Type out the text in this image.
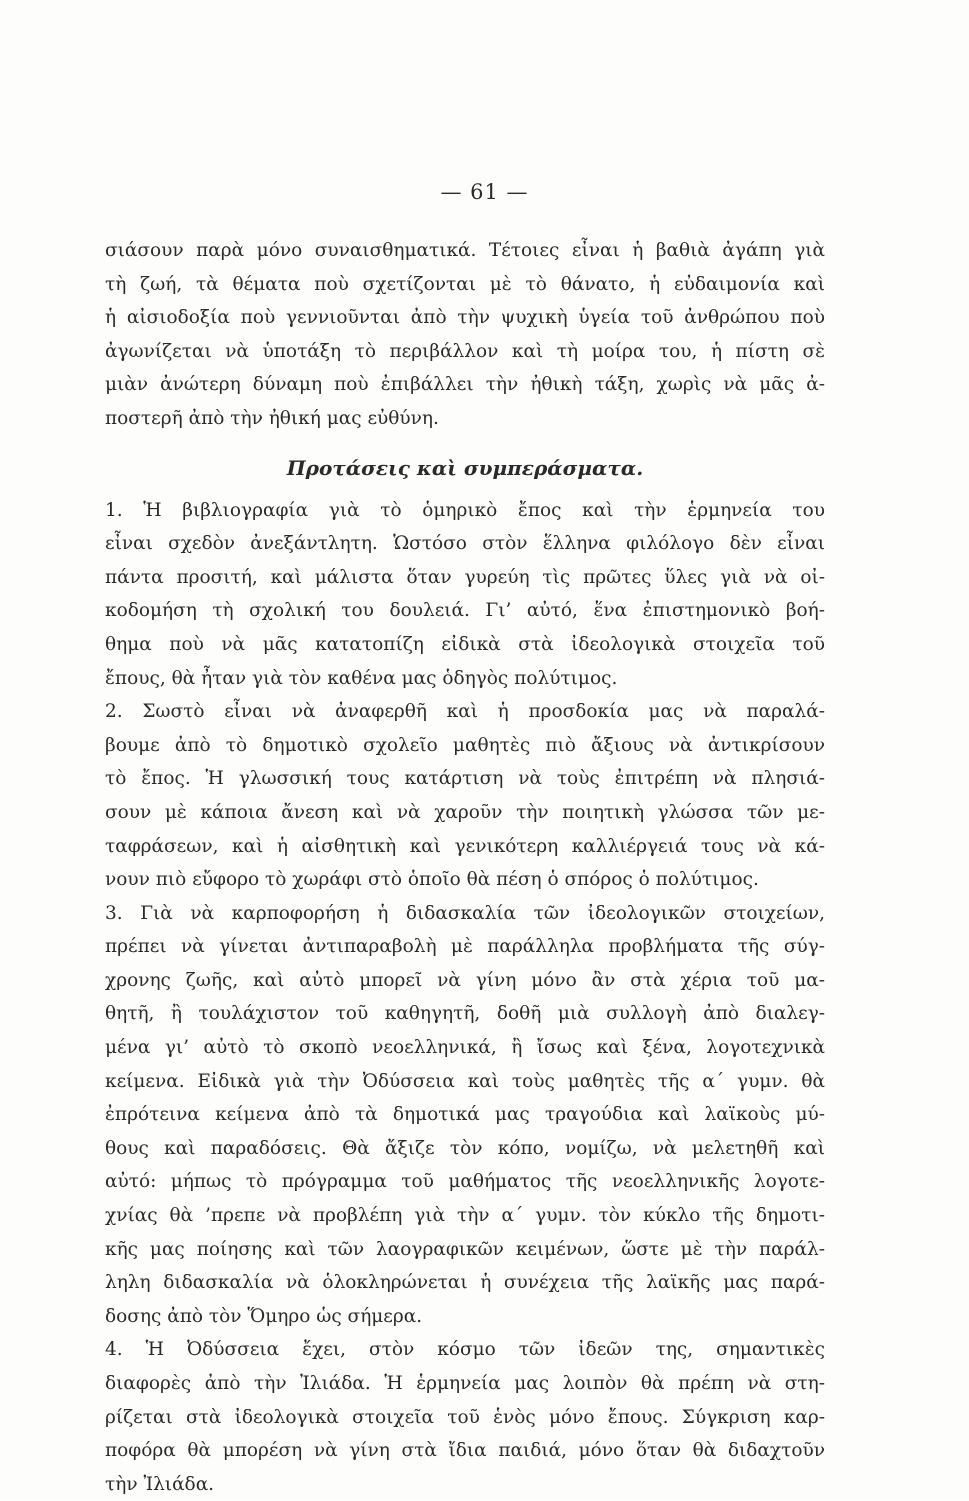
— 61 —

σιάσουν παρὰ μόνο συναισθηματικά. Τέτοιες εἶναι ἡ βαθιὰ ἀγάπη γιὰ
τὴ ζωή, τὰ θέματα ποὺ σχετίζονται μὲ τὸ θάνατο, ἡ εὐδαιμονία καὶ
ἡ αἰσιοδοξία ποὺ γεννιοῦνται ἀπὸ τὴν ψυχικὴ ὑγεία τοῦ ἀνθρώπου ποὺ
ἀγωνίζεται νὰ ὑποτάξη τὸ περιβάλλον καὶ τὴ μοίρα του, ἡ πίστη σὲ
μιὰν ἀνώτερη δύναμη ποὺ ἐπιβάλλει τὴν ἠθικὴ τάξη, χωρὶς νὰ μᾶς ἀ-
ποστερῆ ἀπὸ τὴν ἠθική μας εὐθύνη.
Προτάσεις καὶ συμπεράσματα.
1. Ἡ βιβλιογραφία γιὰ τὸ ὁμηρικὸ ἔπος καὶ τὴν ἑρμηνεία του
εἶναι σχεδὸν ἀνεξάντλητη. Ὡστόσο στὸν ἕλληνα φιλόλογο δὲν εἶναι
πάντα προσιτή, καὶ μάλιστα ὅταν γυρεύη τὶς πρῶτες ὕλες γιὰ νὰ οἰ-
κοδομήση τὴ σχολική του δουλειά. Γι’ αὐτό, ἕνα ἐπιστημονικὸ βοή-
θημα ποὺ νὰ μᾶς κατατοπίζη εἰδικὰ στὰ ἰδεολογικὰ στοιχεῖα τοῦ
ἔπους, θὰ ἦταν γιὰ τὸν καθένα μας ὁδηγὸς πολύτιμος.
2. Σωστὸ εἶναι νὰ ἀναφερθῆ καὶ ἡ προσδοκία μας νὰ παραλά-
βουμε ἀπὸ τὸ δημοτικὸ σχολεῖο μαθητὲς πιὸ ἄξιους νὰ ἀντικρίσουν
τὸ ἔπος. Ἡ γλωσσική τους κατάρτιση νὰ τοὺς ἐπιτρέπη νὰ πλησιά-
σουν μὲ κάποια ἄνεση καὶ νὰ χαροῦν τὴν ποιητικὴ γλώσσα τῶν με-
ταφράσεων, καὶ ἡ αἰσθητικὴ καὶ γενικότερη καλλιέργειά τους νὰ κά-
νουν πιὸ εὔφορο τὸ χωράφι στὸ ὁποῖο θὰ πέση ὁ σπόρος ὁ πολύτιμος.
3. Γιὰ νὰ καρποφορήση ἡ διδασκαλία τῶν ἰδεολογικῶν στοιχείων,
πρέπει νὰ γίνεται ἀντιπαραβολὴ μὲ παράλληλα προβλήματα τῆς σύγ-
χρονης ζωῆς, καὶ αὐτὸ μπορεῖ νὰ γίνη μόνο ἂν στὰ χέρια τοῦ μα-
θητῆ, ἢ τουλάχιστον τοῦ καθηγητῆ, δοθῆ μιὰ συλλογὴ ἀπὸ διαλεγ-
μένα γι’ αὐτὸ τὸ σκοπὸ νεοελληνικά, ἢ ἴσως καὶ ξένα, λογοτεχνικὰ
κείμενα. Εἰδικὰ γιὰ τὴν Ὀδύσσεια καὶ τοὺς μαθητὲς τῆς α΄ γυμν. θὰ
ἐπρότεινα κείμενα ἀπὸ τὰ δημοτικά μας τραγούδια καὶ λαϊκοὺς μύ-
θους καὶ παραδόσεις. Θὰ ἄξιζε τὸν κόπο, νομίζω, νὰ μελετηθῆ καὶ
αὐτό: μήπως τὸ πρόγραμμα τοῦ μαθήματος τῆς νεοελληνικῆς λογοτε-
χνίας θὰ ’πρεπε νὰ προβλέπη γιὰ τὴν α΄ γυμν. τὸν κύκλο τῆς δημοτι-
κῆς μας ποίησης καὶ τῶν λαογραφικῶν κειμένων, ὥστε μὲ τὴν παράλ-
ληλη διδασκαλία νὰ ὁλοκληρώνεται ἡ συνέχεια τῆς λαϊκῆς μας παρά-
δοσης ἀπὸ τὸν Ὅμηρο ὡς σήμερα.
4. Ἡ Ὀδύσσεια ἔχει, στὸν κόσμο τῶν ἰδεῶν της, σημαντικὲς
διαφορὲς ἀπὸ τὴν Ἰλιάδα. Ἡ ἑρμηνεία μας λοιπὸν θὰ πρέπη νὰ στη-
ρίζεται στὰ ἰδεολογικὰ στοιχεῖα τοῦ ἑνὸς μόνο ἔπους. Σύγκριση καρ-
ποφόρα θὰ μπορέση νὰ γίνη στὰ ἴδια παιδιά, μόνο ὅταν θὰ διδαχτοῦν
τὴν Ἰλιάδα.
